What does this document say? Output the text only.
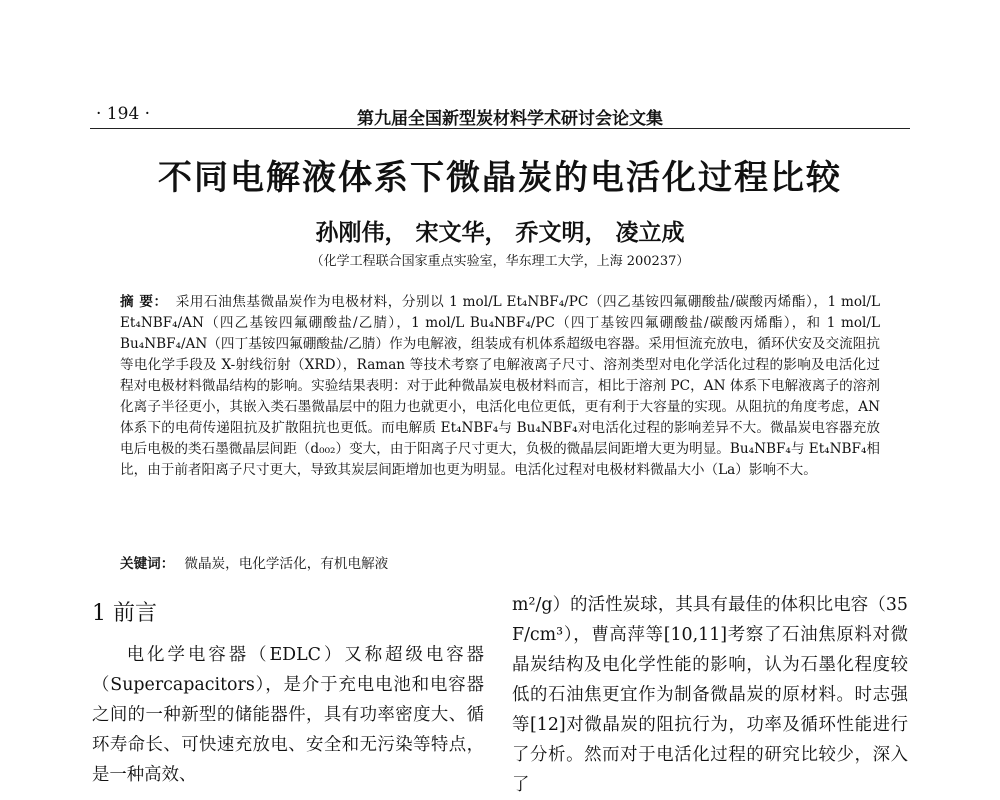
· 194 ·	第九届全国新型炭材料学术研讨会论文集
不同电解液体系下微晶炭的电活化过程比较
孙刚伟， 宋文华， 乔文明， 凌立成
（化学工程联合国家重点实验室，华东理工大学，上海 200237）
摘 要： 采用石油焦基微晶炭作为电极材料，分别以 1 mol/L Et₄NBF₄/PC（四乙基铵四氟硼酸盐/碳酸丙烯酯），1 mol/L Et₄NBF₄/AN（四乙基铵四氟硼酸盐/乙腈），1 mol/L Bu₄NBF₄/PC（四丁基铵四氟硼酸盐/碳酸丙烯酯），和 1 mol/L Bu₄NBF₄/AN（四丁基铵四氟硼酸盐/乙腈）作为电解液，组装成有机体系超级电容器。采用恒流充放电，循环伏安及交流阻抗等电化学手段及 X-射线衍射（XRD），Raman 等技术考察了电解液离子尺寸、溶剂类型对电化学活化过程的影响及电活化过程对电极材料微晶结构的影响。实验结果表明：对于此种微晶炭电极材料而言，相比于溶剂 PC，AN 体系下电解液离子的溶剂化离子半径更小，其嵌入类石墨微晶层中的阻力也就更小，电活化电位更低，更有利于大容量的实现。从阻抗的角度考虑，AN 体系下的电荷传递阻抗及扩散阻抗也更低。而电解质 Et₄NBF₄与 Bu₄NBF₄对电活化过程的影响差异不大。微晶炭电容器充放电后电极的类石墨微晶层间距（d₀₀₂）变大，由于阳离子尺寸更大，负极的微晶层间距增大更为明显。Bu₄NBF₄与 Et₄NBF₄相比，由于前者阳离子尺寸更大，导致其炭层间距增加也更为明显。电活化过程对电极材料微晶大小（La）影响不大。
关键词： 微晶炭，电化学活化，有机电解液
1 前言
电化学电容器（EDLC）又称超级电容器（Supercapacitors），是介于充电电池和电容器之间的一种新型的储能器件，具有功率密度大、循环寿命长、可快速充放电、安全和无污染等特点，是一种高效、
m²/g）的活性炭球，其具有最佳的体积比电容（35 F/cm³），曹高萍等[10,11]考察了石油焦原料对微晶炭结构及电化学性能的影响，认为石墨化程度较低的石油焦更宜作为制备微晶炭的原材料。时志强等[12]对微晶炭的阻抗行为，功率及循环性能进行了分析。然而对于电活化过程的研究比较少，深入了
